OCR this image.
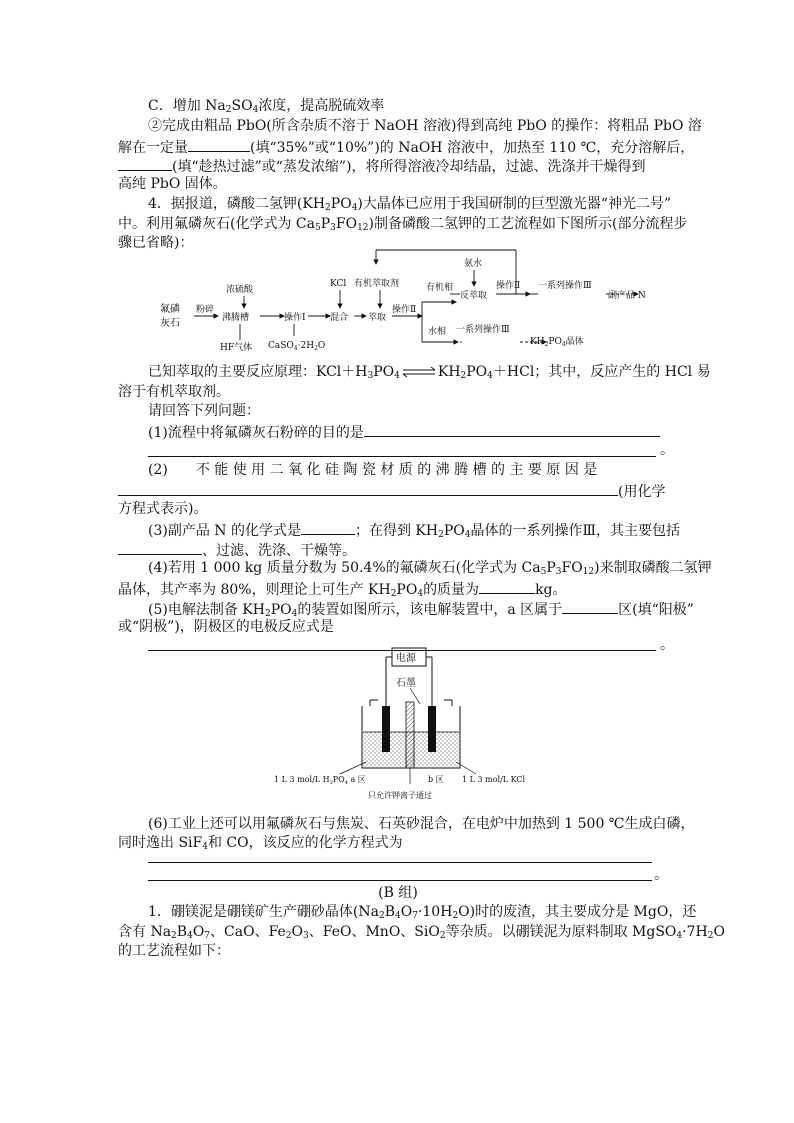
C．增加 $Na_2SO_4$浓度，提高脱硫效率
②完成由粗品 PbO(所含杂质不溶于 NaOH 溶液)得到高纯 PbO 的操作：将粗品 PbO 溶
解在一定量	(填“35%”或“10%”)的 NaOH 溶液中，加热至 110 ℃，充分溶解后，
(填“趁热过滤”或“蒸发浓缩”)，将所得溶液冷却结晶，过滤、洗涤并干燥得到
高纯 PbO 固体。
4．据报道，磷酸二氢钾$(KH_2PO_4)$大晶体已应用于我国研制的巨型激光器“神光二号”
中。利用氟磷灰石(化学式为 $Ca_5P_3FO_{12}$)制备磷酸二氢钾的工艺流程如下图所示(部分流程步
骤已省略)：
氟磷
灰石
粉碎
浓硫酸
沸腾槽
HF气体
操作Ⅰ
$CaSO_4\cdot 2H_2O$
KCl 有机萃取剂
混合 萃取
操作Ⅱ
有机相
氨水
反萃取
操作Ⅱ 一系列操作Ⅲ
副产品 N
水相 一系列操作Ⅲ
$KH_2PO_4$晶体
已知萃取的主要反应原理：$KCl+H_3PO_4$	$KH_2PO_4+HCl$；其中，反应产生的 HCl 易
溶于有机萃取剂。
请回答下列问题：
(1)流程中将氟磷灰石粉碎的目的是
。
(2)　　不 能 使 用 二 氧 化 硅 陶 瓷 材 质 的 沸 腾 槽 的 主 要 原 因 是
(用化学
方程式表示)。
(3)副产品 N 的化学式是	；在得到 $KH_2PO_4$晶体的一系列操作Ⅲ，其主要包括
、过滤、洗涤、干燥等。
(4)若用 1 000 kg 质量分数为 50.4%的氟磷灰石(化学式为 $Ca_5P_3FO_{12}$)来制取磷酸二氢钾
晶体，其产率为 80%，则理论上可生产 $KH_2PO_4$的质量为	kg。
(5)电解法制备 $KH_2PO_4$的装置如图所示，该电解装置中，a 区属于	区(填“阳极”
或“阴极”)，阴极区的电极反应式是
。
电源
石墨
1 L 3 mol/L $H_3PO_4$ a 区	b 区 1 L 3 mol/L KCl
只允许钾离子通过
(6)工业上还可以用氟磷灰石与焦炭、石英砂混合，在电炉中加热到 1 500 ℃生成白磷，
同时逸出 SiF$_4$和 CO，该反应的化学方程式为
。
(B 组)
1．硼镁泥是硼镁矿生产硼砂晶体$(Na_2B_4O_7\cdot 10H_2O)$时的废渣，其主要成分是 MgO，还
含有 $Na_2B_4O_7$、CaO、$Fe_2O_3$、FeO、MnO、SiO$_2$等杂质。以硼镁泥为原料制取 $MgSO_4\cdot 7H_2O$
的工艺流程如下：
